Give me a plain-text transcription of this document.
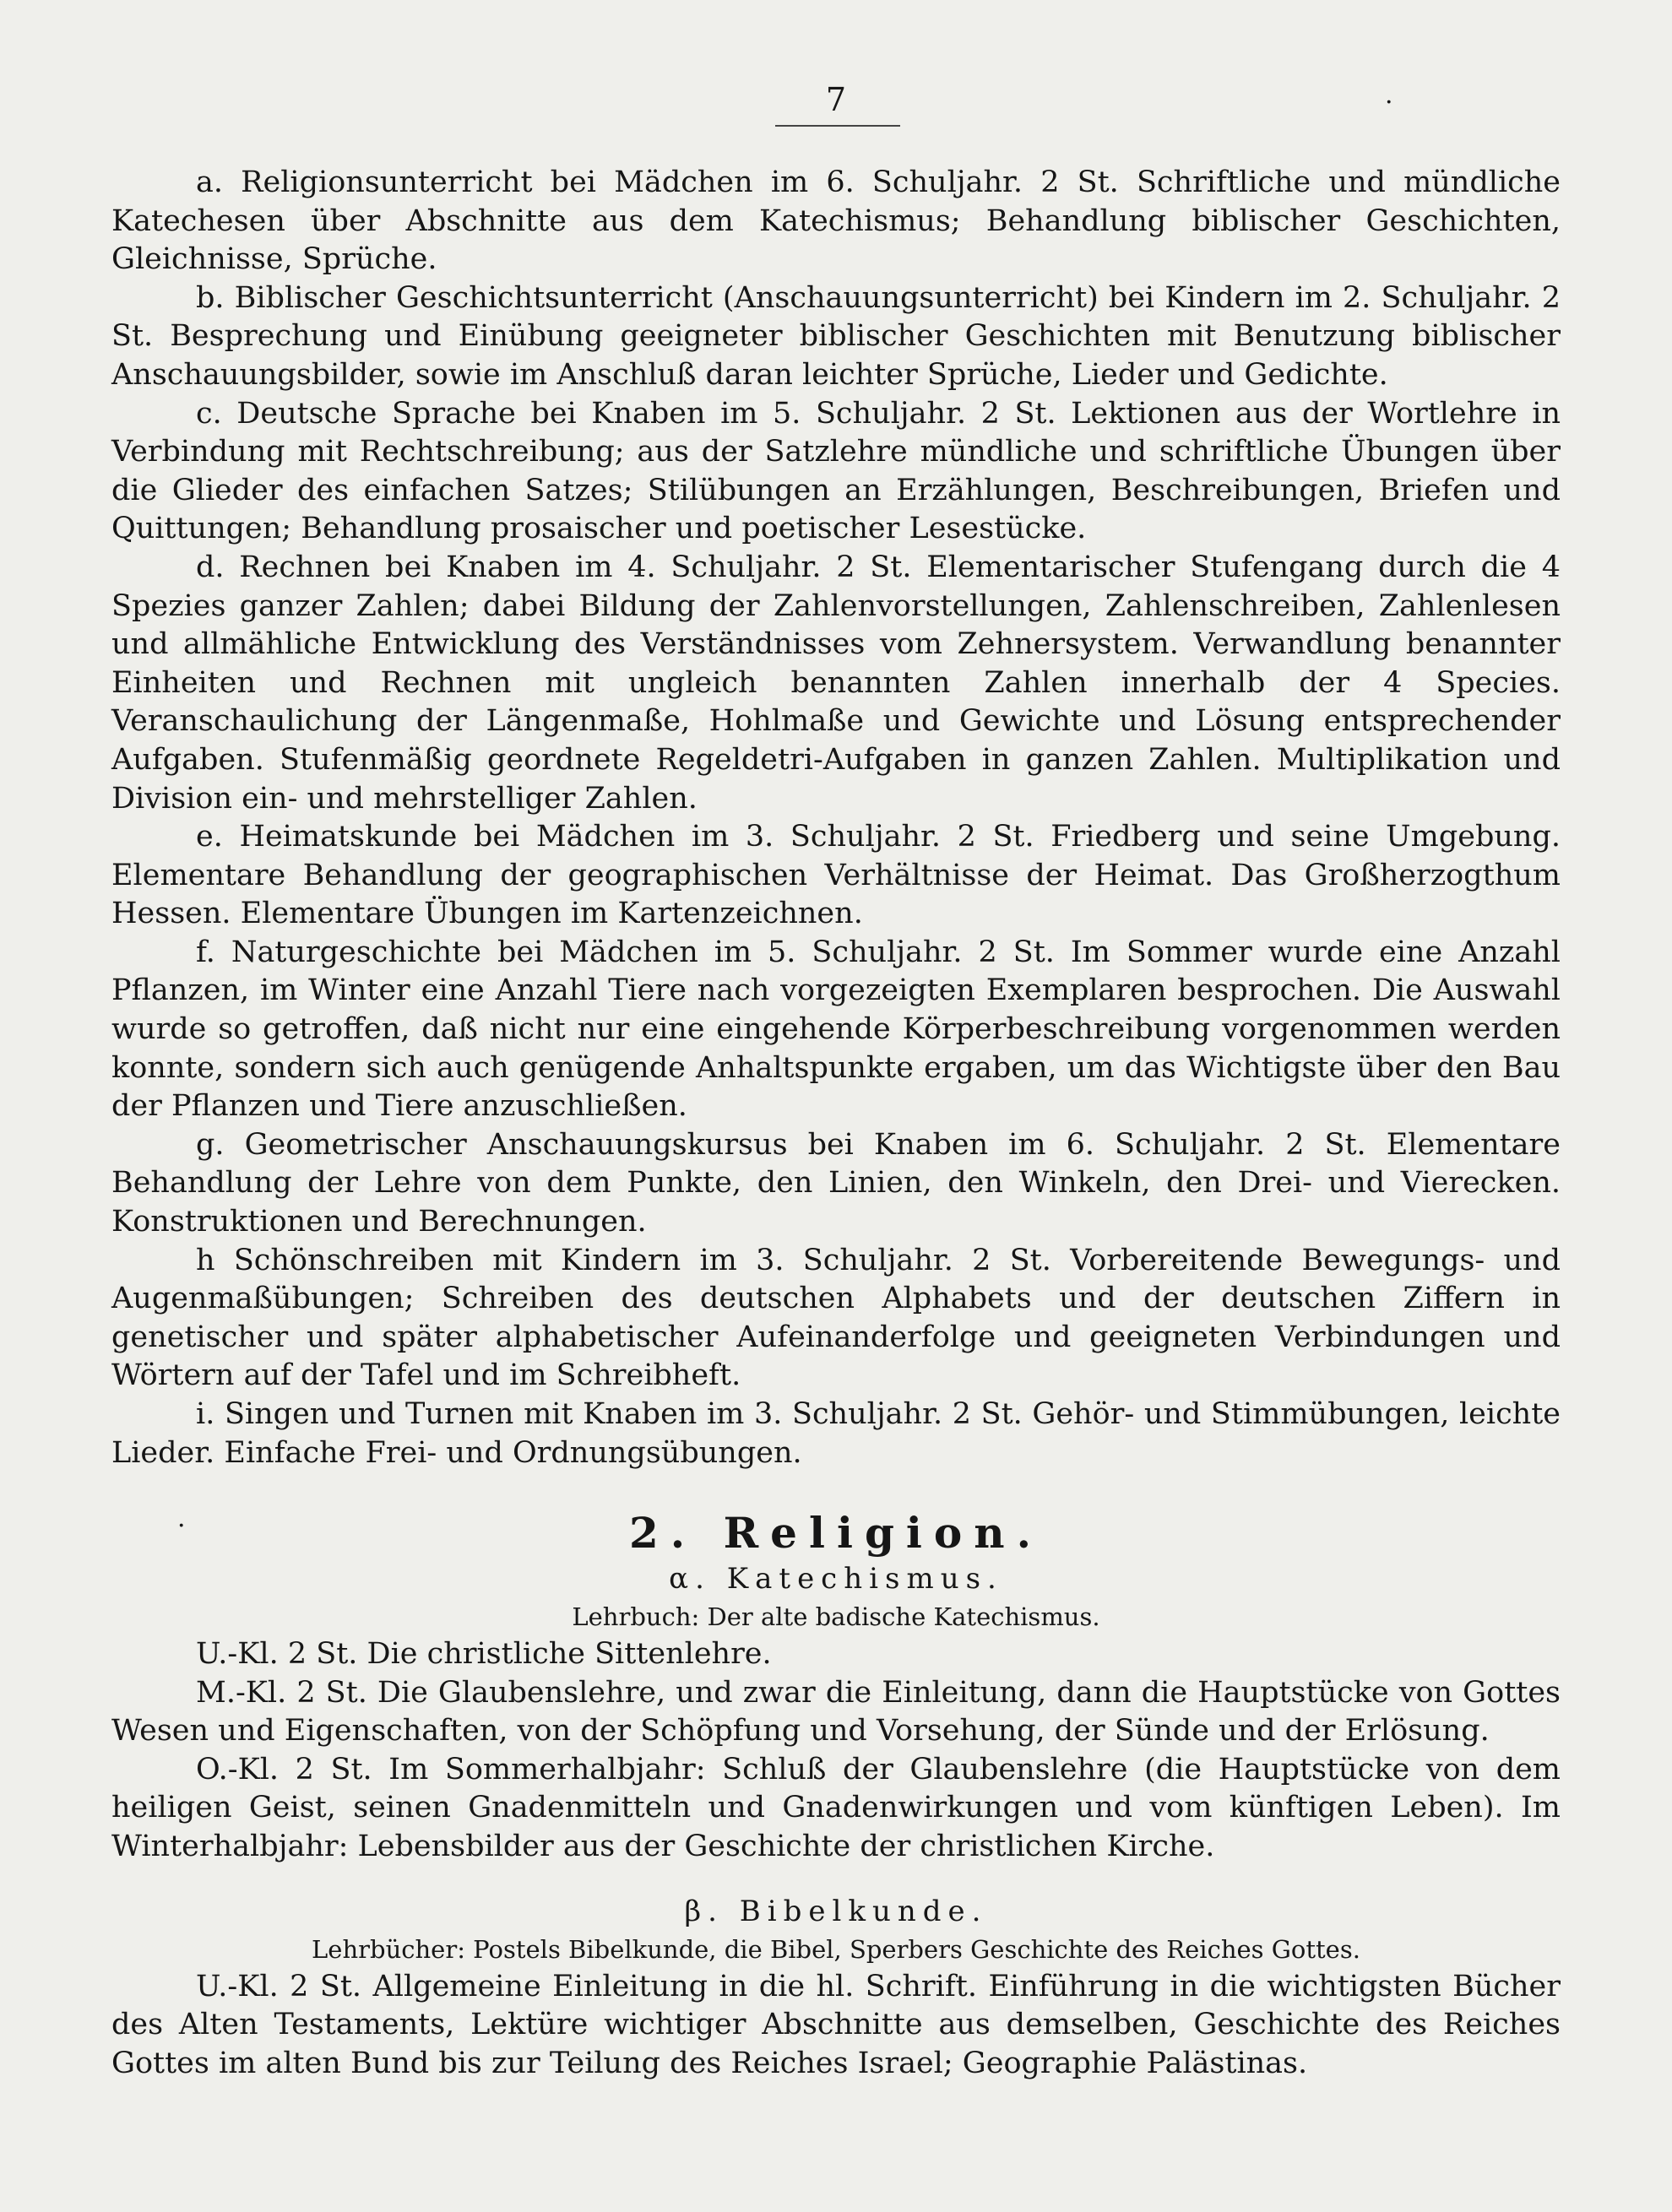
7	·

a. Religionsunterricht bei Mädchen im 6. Schuljahr. 2 St. Schriftliche und mündliche Katechesen über Abschnitte aus dem Katechismus; Behandlung biblischer Geschichten, Gleichnisse, Sprüche.

b. Biblischer Geschichtsunterricht (Anschauungsunterricht) bei Kindern im 2. Schuljahr. 2 St. Besprechung und Einübung geeigneter biblischer Geschichten mit Benutzung biblischer Anschauungsbilder, sowie im Anschluß daran leichter Sprüche, Lieder und Gedichte.

c. Deutsche Sprache bei Knaben im 5. Schuljahr. 2 St. Lektionen aus der Wortlehre in Verbindung mit Rechtschreibung; aus der Satzlehre mündliche und schriftliche Übungen über die Glieder des einfachen Satzes; Stilübungen an Erzählungen, Beschreibungen, Briefen und Quittungen; Behandlung prosaischer und poetischer Lesestücke.

d. Rechnen bei Knaben im 4. Schuljahr. 2 St. Elementarischer Stufengang durch die 4 Spezies ganzer Zahlen; dabei Bildung der Zahlenvorstellungen, Zahlenschreiben, Zahlenlesen und allmähliche Entwicklung des Verständnisses vom Zehnersystem. Verwandlung benannter Einheiten und Rechnen mit ungleich benannten Zahlen innerhalb der 4 Species. Veranschaulichung der Längenmaße, Hohlmaße und Gewichte und Lösung entsprechender Aufgaben. Stufenmäßig geordnete Regeldetri-Aufgaben in ganzen Zahlen. Multiplikation und Division ein- und mehrstelliger Zahlen.

e. Heimatskunde bei Mädchen im 3. Schuljahr. 2 St. Friedberg und seine Umgebung. Elementare Behandlung der geographischen Verhältnisse der Heimat. Das Großherzogthum Hessen. Elementare Übungen im Kartenzeichnen.

f. Naturgeschichte bei Mädchen im 5. Schuljahr. 2 St. Im Sommer wurde eine Anzahl Pflanzen, im Winter eine Anzahl Tiere nach vorgezeigten Exemplaren besprochen. Die Auswahl wurde so getroffen, daß nicht nur eine eingehende Körperbeschreibung vorgenommen werden konnte, sondern sich auch genügende Anhaltspunkte ergaben, um das Wichtigste über den Bau der Pflanzen und Tiere anzuschließen.

g. Geometrischer Anschauungskursus bei Knaben im 6. Schuljahr. 2 St. Elementare Behandlung der Lehre von dem Punkte, den Linien, den Winkeln, den Drei- und Vierecken. Konstruktionen und Berechnungen.

h Schönschreiben mit Kindern im 3. Schuljahr. 2 St. Vorbereitende Bewegungs- und Augenmaßübungen; Schreiben des deutschen Alphabets und der deutschen Ziffern in genetischer und später alphabetischer Aufeinanderfolge und geeigneten Verbindungen und Wörtern auf der Tafel und im Schreibheft.

i. Singen und Turnen mit Knaben im 3. Schuljahr. 2 St. Gehör- und Stimmübungen, leichte Lieder. Einfache Frei- und Ordnungsübungen.

·	2. Religion.

α. Katechismus.

Lehrbuch: Der alte badische Katechismus.

U.-Kl. 2 St. Die christliche Sittenlehre.

M.-Kl. 2 St. Die Glaubenslehre, und zwar die Einleitung, dann die Hauptstücke von Gottes Wesen und Eigenschaften, von der Schöpfung und Vorsehung, der Sünde und der Erlösung.

O.-Kl. 2 St. Im Sommerhalbjahr: Schluß der Glaubenslehre (die Hauptstücke von dem heiligen Geist, seinen Gnadenmitteln und Gnadenwirkungen und vom künftigen Leben). Im Winterhalbjahr: Lebensbilder aus der Geschichte der christlichen Kirche.

β. Bibelkunde.

Lehrbücher: Postels Bibelkunde, die Bibel, Sperbers Geschichte des Reiches Gottes.

U.-Kl. 2 St. Allgemeine Einleitung in die hl. Schrift. Einführung in die wichtigsten Bücher des Alten Testaments, Lektüre wichtiger Abschnitte aus demselben, Geschichte des Reiches Gottes im alten Bund bis zur Teilung des Reiches Israel; Geographie Palästinas.
